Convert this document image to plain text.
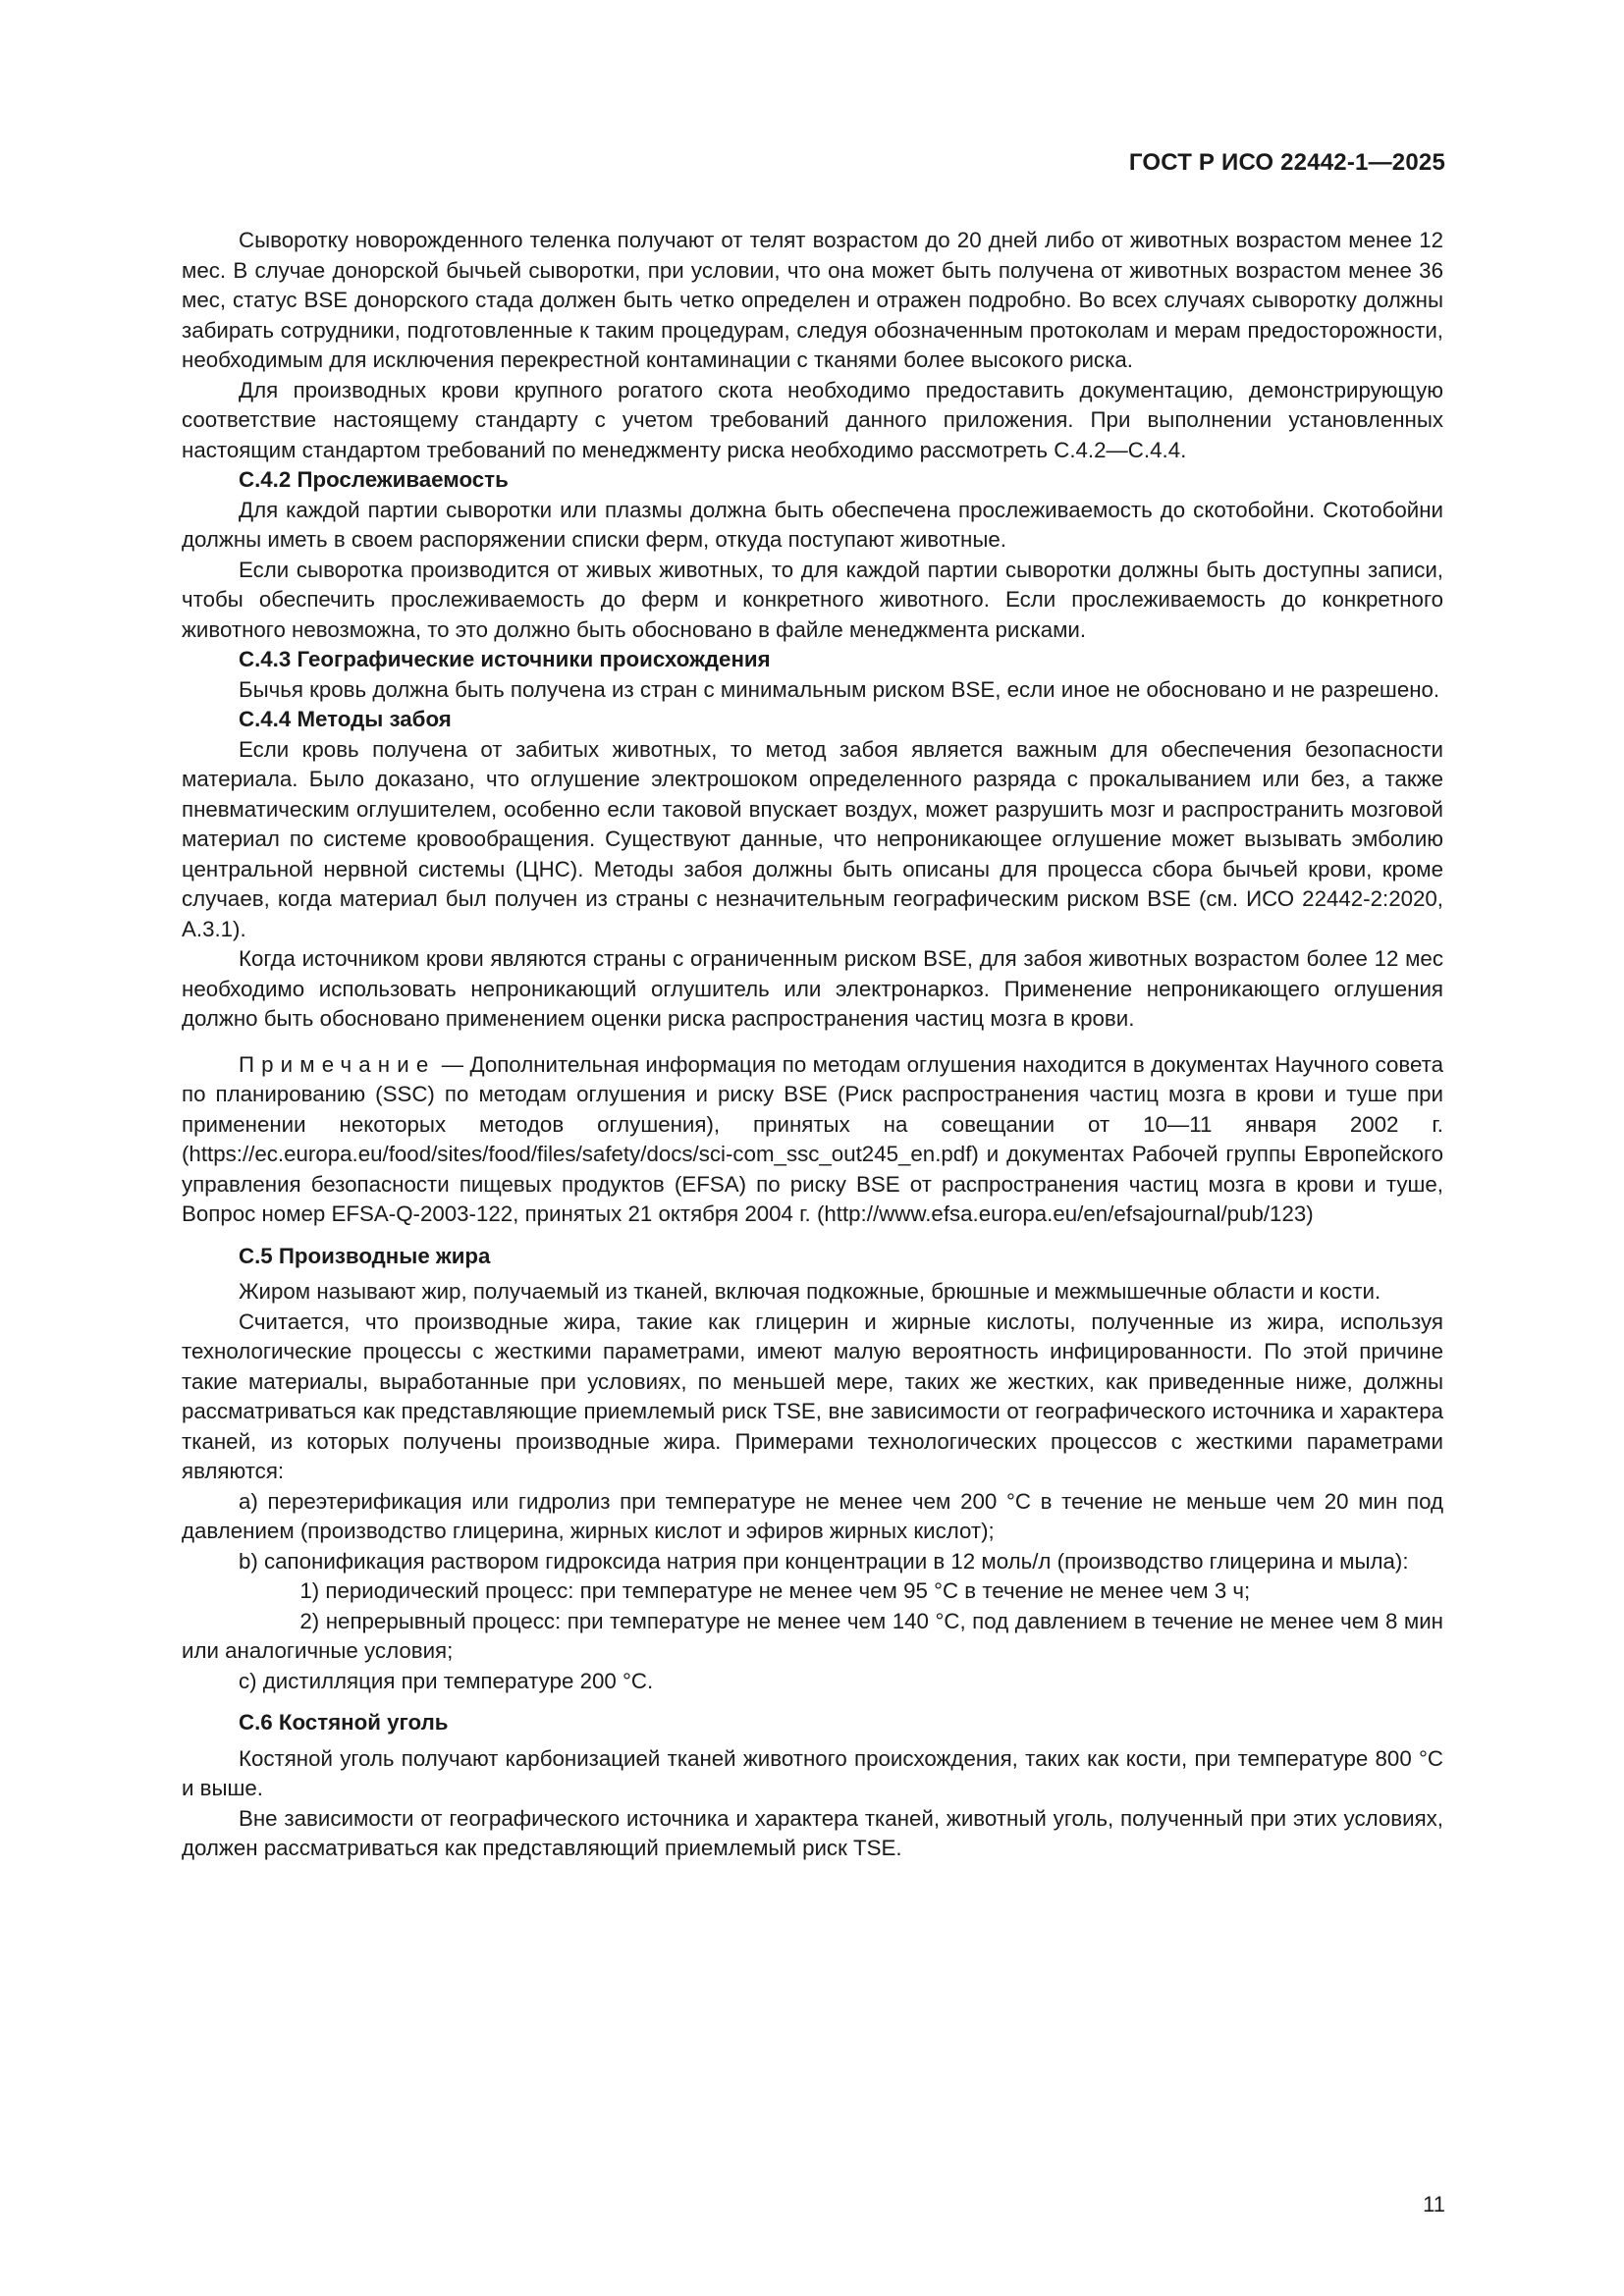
ГОСТ Р ИСО 22442-1—2025

Сыворотку новорожденного теленка получают от телят возрастом до 20 дней либо от животных возрастом менее 12 мес. В случае донорской бычьей сыворотки, при условии, что она может быть получена от животных возрастом менее 36 мес, статус BSE донорского стада должен быть четко определен и отражен подробно. Во всех случаях сыворотку должны забирать сотрудники, подготовленные к таким процедурам, следуя обозначенным протоколам и мерам предосторожности, необходимым для исключения перекрестной контаминации с тканями более высокого риска.

Для производных крови крупного рогатого скота необходимо предоставить документацию, демонстрирующую соответствие настоящему стандарту с учетом требований данного приложения. При выполнении установленных настоящим стандартом требований по менеджменту риска необходимо рассмотреть С.4.2—С.4.4.

С.4.2 Прослеживаемость

Для каждой партии сыворотки или плазмы должна быть обеспечена прослеживаемость до скотобойни. Скотобойни должны иметь в своем распоряжении списки ферм, откуда поступают животные.

Если сыворотка производится от живых животных, то для каждой партии сыворотки должны быть доступны записи, чтобы обеспечить прослеживаемость до ферм и конкретного животного. Если прослеживаемость до конкретного животного невозможна, то это должно быть обосновано в файле менеджмента рисками.

С.4.3 Географические источники происхождения

Бычья кровь должна быть получена из стран с минимальным риском BSE, если иное не обосновано и не разрешено.

С.4.4 Методы забоя

Если кровь получена от забитых животных, то метод забоя является важным для обеспечения безопасности материала. Было доказано, что оглушение электрошоком определенного разряда с прокалыванием или без, а также пневматическим оглушителем, особенно если таковой впускает воздух, может разрушить мозг и распространить мозговой материал по системе кровообращения. Существуют данные, что непроникающее оглушение может вызывать эмболию центральной нервной системы (ЦНС). Методы забоя должны быть описаны для процесса сбора бычьей крови, кроме случаев, когда материал был получен из страны с незначительным географическим риском BSE (см. ИСО 22442-2:2020, А.3.1).

Когда источником крови являются страны с ограниченным риском BSE, для забоя животных возрастом более 12 мес необходимо использовать непроникающий оглушитель или электронаркоз. Применение непроникающего оглушения должно быть обосновано применением оценки риска распространения частиц мозга в крови.

Примечание — Дополнительная информация по методам оглушения находится в документах Научного совета по планированию (SSC) по методам оглушения и риску BSE (Риск распространения частиц мозга в крови и туше при применении некоторых методов оглушения), принятых на совещании от 10—11 января 2002 г. (https://ec.europa.eu/food/sites/food/files/safety/docs/sci-com_ssc_out245_en.pdf) и документах Рабочей группы Европейского управления безопасности пищевых продуктов (EFSA) по риску BSE от распространения частиц мозга в крови и туше, Вопрос номер EFSA-Q-2003-122, принятых 21 октября 2004 г. (http://www.efsa.europa.eu/en/efsajournal/pub/123)

С.5 Производные жира

Жиром называют жир, получаемый из тканей, включая подкожные, брюшные и межмышечные области и кости.

Считается, что производные жира, такие как глицерин и жирные кислоты, полученные из жира, используя технологические процессы с жесткими параметрами, имеют малую вероятность инфицированности. По этой причине такие материалы, выработанные при условиях, по меньшей мере, таких же жестких, как приведенные ниже, должны рассматриваться как представляющие приемлемый риск TSE, вне зависимости от географического источника и характера тканей, из которых получены производные жира. Примерами технологических процессов с жесткими параметрами являются:

a) переэтерификация или гидролиз при температуре не менее чем 200 °С в течение не меньше чем 20 мин под давлением (производство глицерина, жирных кислот и эфиров жирных кислот);

b) сапонификация раствором гидроксида натрия при концентрации в 12 моль/л (производство глицерина и мыла):

1) периодический процесс: при температуре не менее чем 95 °С в течение не менее чем 3 ч;

2) непрерывный процесс: при температуре не менее чем 140 °С, под давлением в течение не менее чем 8 мин или аналогичные условия;

c) дистилляция при температуре 200 °С.

С.6 Костяной уголь

Костяной уголь получают карбонизацией тканей животного происхождения, таких как кости, при температуре 800 °С и выше.

Вне зависимости от географического источника и характера тканей, животный уголь, полученный при этих условиях, должен рассматриваться как представляющий приемлемый риск TSE.

11
